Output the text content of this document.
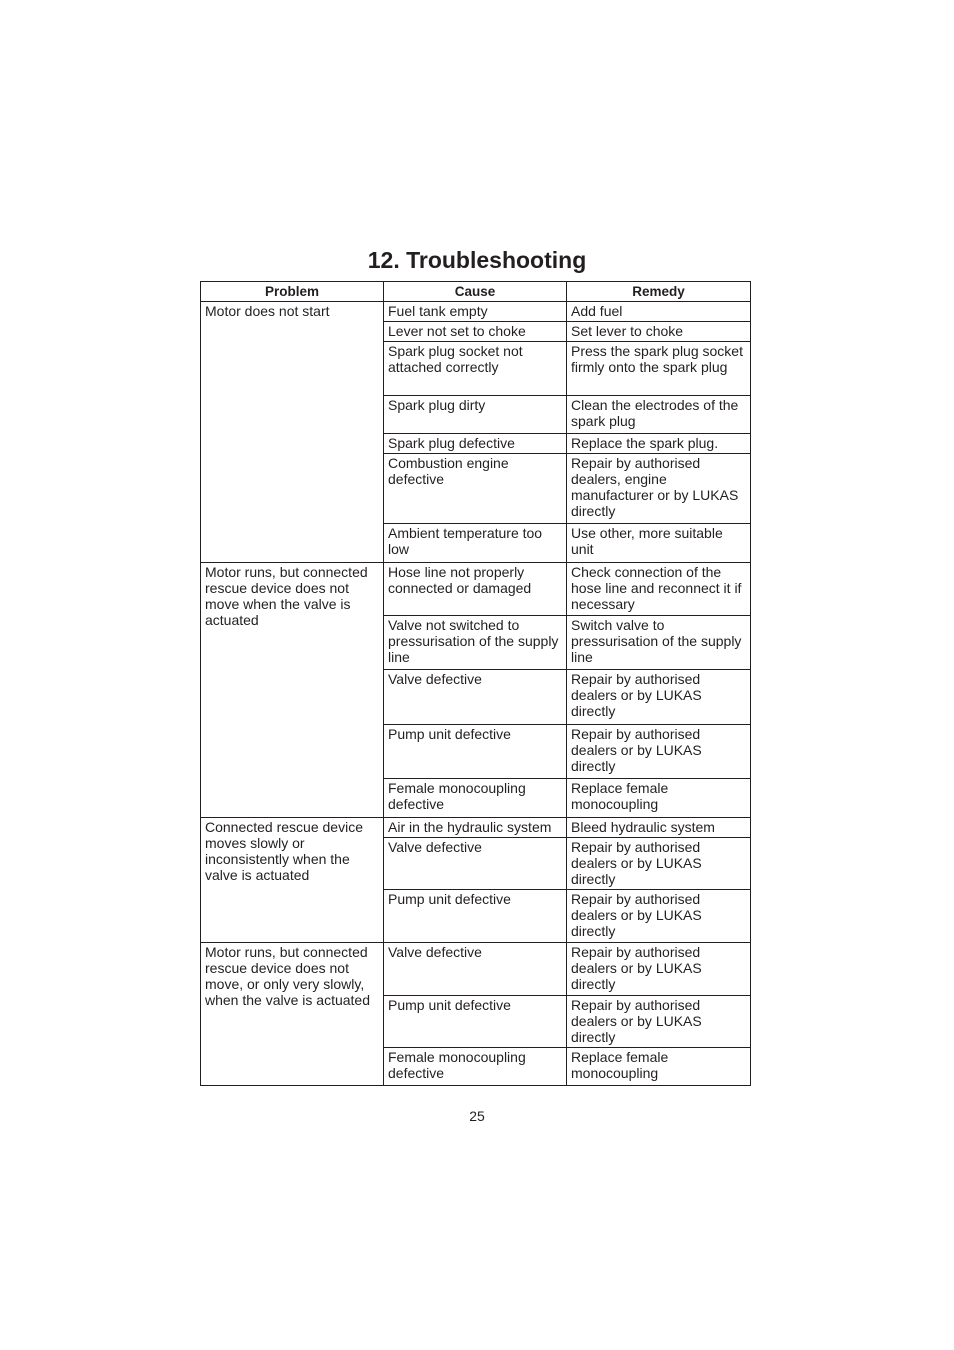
12. Troubleshooting
Problem	Cause	Remedy
Motor does not start	Fuel tank empty	Add fuel
	Lever not set to choke	Set lever to choke
	Spark plug socket not attached correctly	Press the spark plug socket firmly onto the spark plug
	Spark plug dirty	Clean the electrodes of the spark plug
	Spark plug defective	Replace the spark plug.
	Combustion engine defective	Repair by authorised dealers, engine manufacturer or by LUKAS directly
	Ambient temperature too low	Use other, more suitable unit
Motor runs, but connected rescue device does not move when the valve is actuated	Hose line not properly connected or damaged	Check connection of the hose line and reconnect it if necessary
	Valve not switched to pressurisation of the supply line	Switch valve to pressurisation of the supply line
	Valve defective	Repair by authorised dealers or by LUKAS directly
	Pump unit defective	Repair by authorised dealers or by LUKAS directly
	Female monocoupling defective	Replace female monocoupling
Connected rescue device moves slowly or inconsistently when the valve is actuated	Air in the hydraulic system	Bleed hydraulic system
	Valve defective	Repair by authorised dealers or by LUKAS directly
	Pump unit defective	Repair by authorised dealers or by LUKAS directly
Motor runs, but connected rescue device does not move, or only very slowly, when the valve is actuated	Valve defective	Repair by authorised dealers or by LUKAS directly
	Pump unit defective	Repair by authorised dealers or by LUKAS directly
	Female monocoupling defective	Replace female monocoupling
25
